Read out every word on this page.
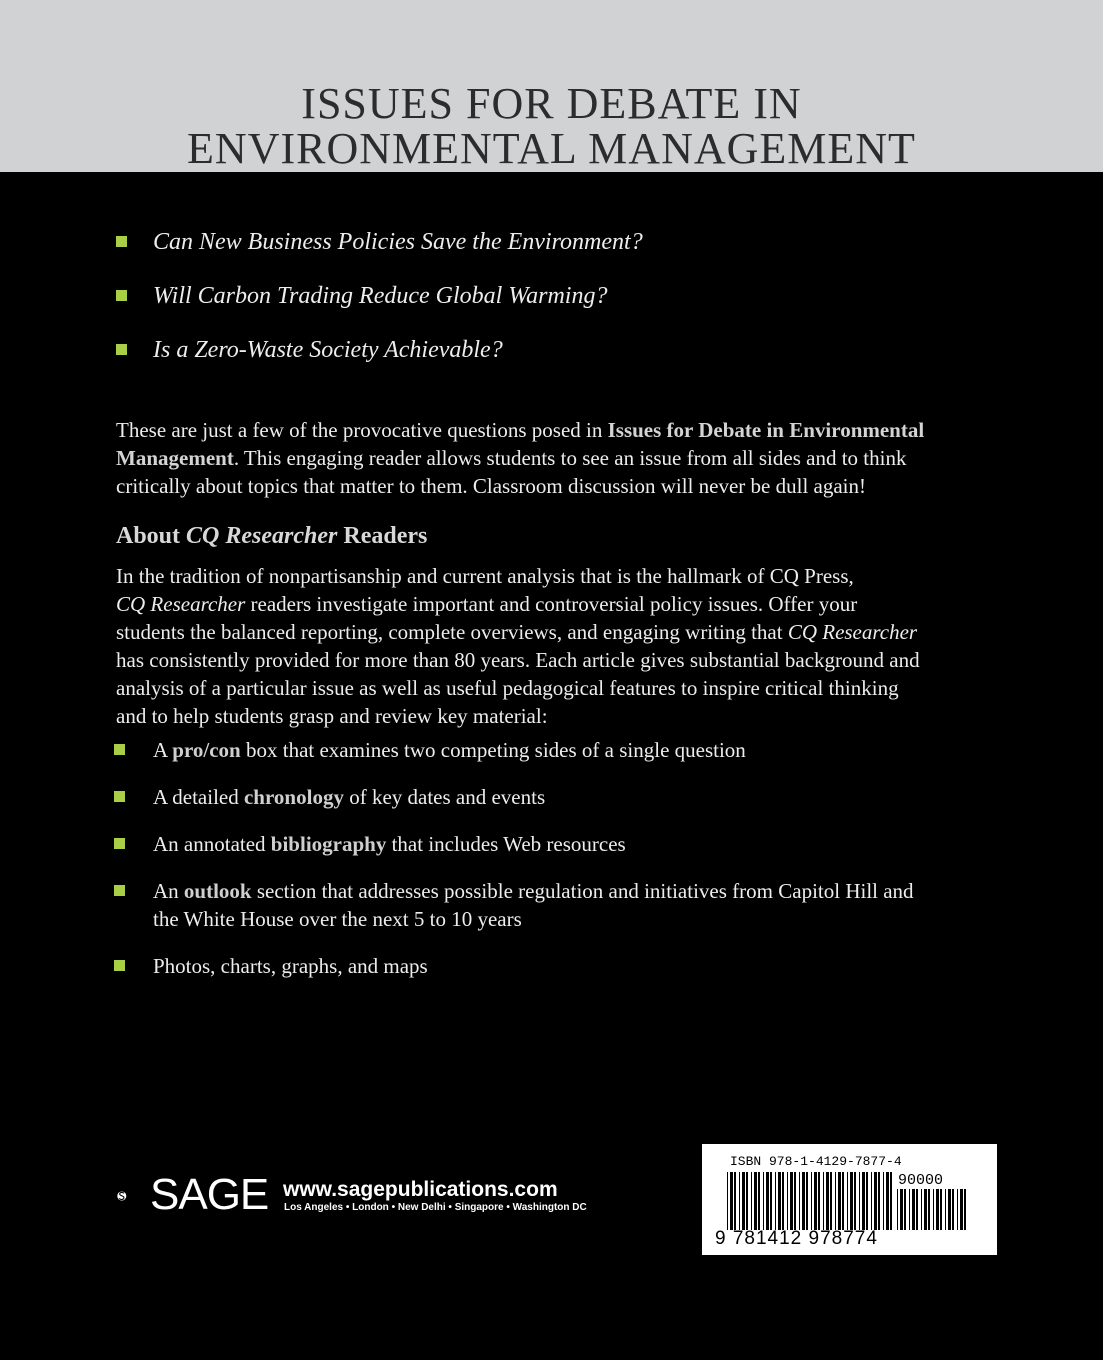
ISSUES FOR DEBATE IN
ENVIRONMENTAL MANAGEMENT
Can New Business Policies Save the Environment?
Will Carbon Trading Reduce Global Warming?
Is a Zero-Waste Society Achievable?

These are just a few of the provocative questions posed in Issues for Debate in Environmental
Management. This engaging reader allows students to see an issue from all sides and to think
critically about topics that matter to them. Classroom discussion will never be dull again!

About CQ Researcher Readers

In the tradition of nonpartisanship and current analysis that is the hallmark of CQ Press,
CQ Researcher readers investigate important and controversial policy issues. Offer your
students the balanced reporting, complete overviews, and engaging writing that CQ Researcher
has consistently provided for more than 80 years. Each article gives substantial background and
analysis of a particular issue as well as useful pedagogical features to inspire critical thinking
and to help students grasp and review key material:

A pro/con box that examines two competing sides of a single question
A detailed chronology of key dates and events
An annotated bibliography that includes Web resources
An outlook section that addresses possible regulation and initiatives from Capitol Hill and
the White House over the next 5 to 10 years
Photos, charts, graphs, and maps
SAGE www.sagepublications.com
Los Angeles • London • New Delhi • Singapore • Washington DC
ISBN 978-1-4129-7877-4
90000
9 781412 978774
